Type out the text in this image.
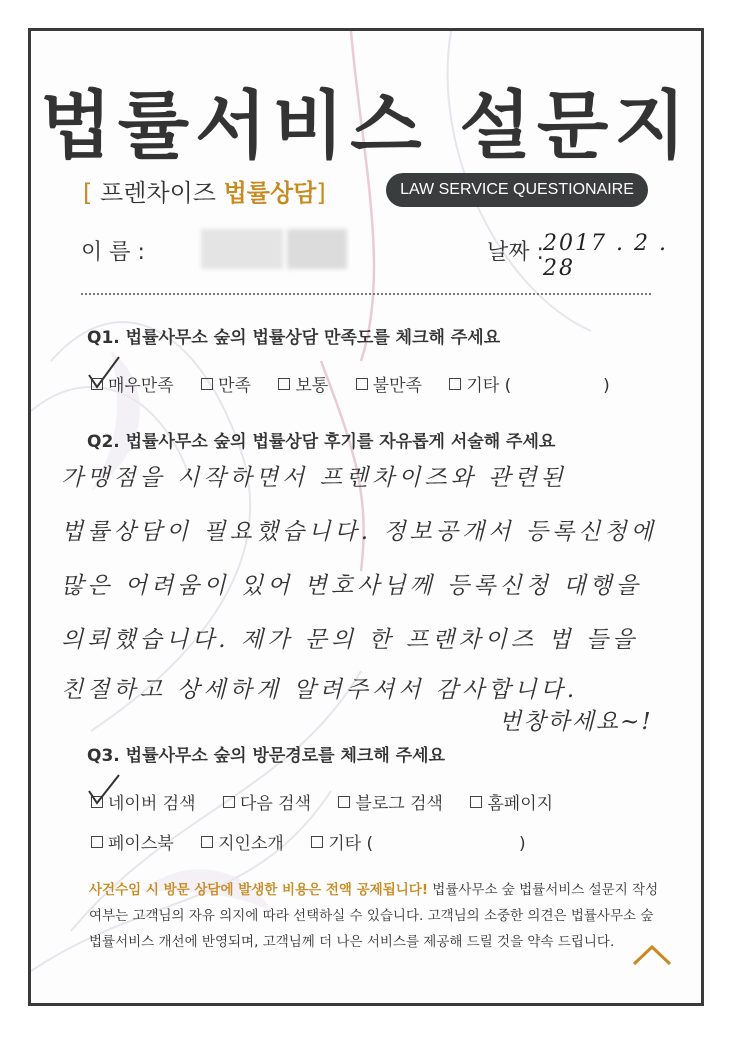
법률서비스 설문지
[ 프렌차이즈 법률상담]	LAW SERVICE QUESTIONAIRE
이 름 :	날짜 : 2017 . 2 . 28
Q1. 법률사무소 숲의 법률상담 만족도를 체크해 주세요
매우만족	만족	보통	불만족	기타 (                 )
Q2. 법률사무소 숲의 법률상담 후기를 자유롭게 서술해 주세요
가맹점을 시작하면서 프렌차이즈와 관련된
법률상담이 필요했습니다. 정보공개서 등록신청에
많은 어려움이 있어 변호사님께 등록신청 대행을
의뢰했습니다. 제가 문의 한 프랜차이즈 법 들을
친절하고 상세하게 알려주셔서 감사합니다.
번창하세요~!
Q3. 법률사무소 숲의 방문경로를 체크해 주세요
네이버 검색	다음 검색	블로그 검색	홈페이지
페이스북	지인소개	기타 (                           )
사건수임 시 방문 상담에 발생한 비용은 전액 공제됩니다! 법률사무소 숲 법률서비스 설문지 작성 여부는 고객님의 자유 의지에 따라 선택하실 수 있습니다. 고객님의 소중한 의견은 법률사무소 숲 법률서비스 개선에 반영되며, 고객님께 더 나은 서비스를 제공해 드릴 것을 약속 드립니다.
